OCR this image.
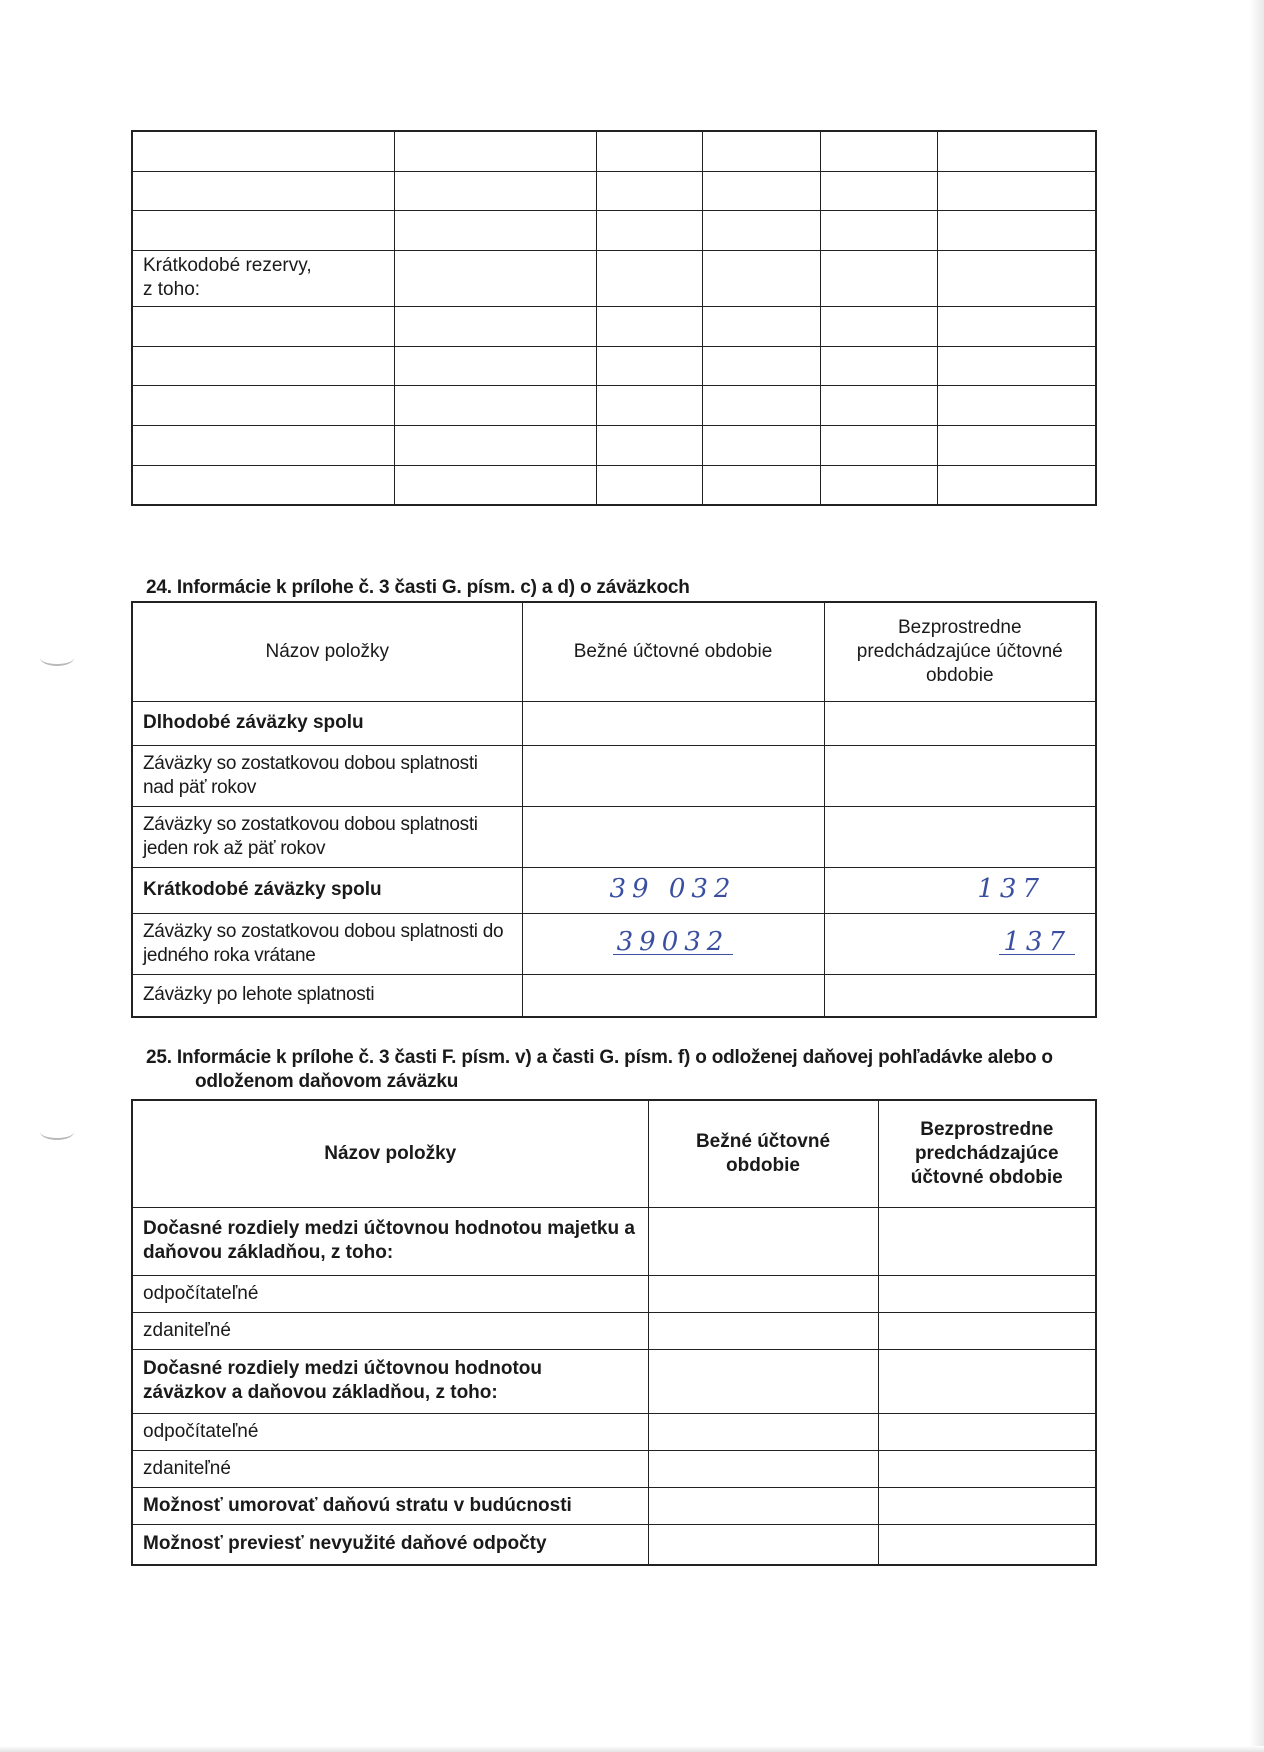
Krátkodobé rezervy,
z toho:					

24. Informácie k prílohe č. 3 časti G. písm. c) a d) o záväzkoch
Názov položky	Bežné účtovné obdobie	Bezprostredne predchádzajúce účtovné obdobie
Dlhodobé záväzky spolu		
Záväzky so zostatkovou dobou splatnosti nad päť rokov		
Záväzky so zostatkovou dobou splatnosti jeden rok až päť rokov		
Krátkodobé záväzky spolu	39 032	137
Záväzky so zostatkovou dobou splatnosti do jedného roka vrátane	39032	137
Záväzky po lehote splatnosti		
25. Informácie k prílohe č. 3 časti F. písm. v) a časti G. písm. f) o odloženej daňovej pohľadávke alebo o
odloženom daňovom záväzku
Názov položky	Bežné účtovné obdobie	Bezprostredne predchádzajúce účtovné obdobie
Dočasné rozdiely medzi účtovnou hodnotou majetku a daňovou základňou, z toho:		
odpočítateľné		
zdaniteľné		
Dočasné rozdiely medzi účtovnou hodnotou záväzkov a daňovou základňou, z toho:		
odpočítateľné		
zdaniteľné		
Možnosť umorovať daňovú stratu v budúcnosti		
Možnosť previesť nevyužité daňové odpočty		
